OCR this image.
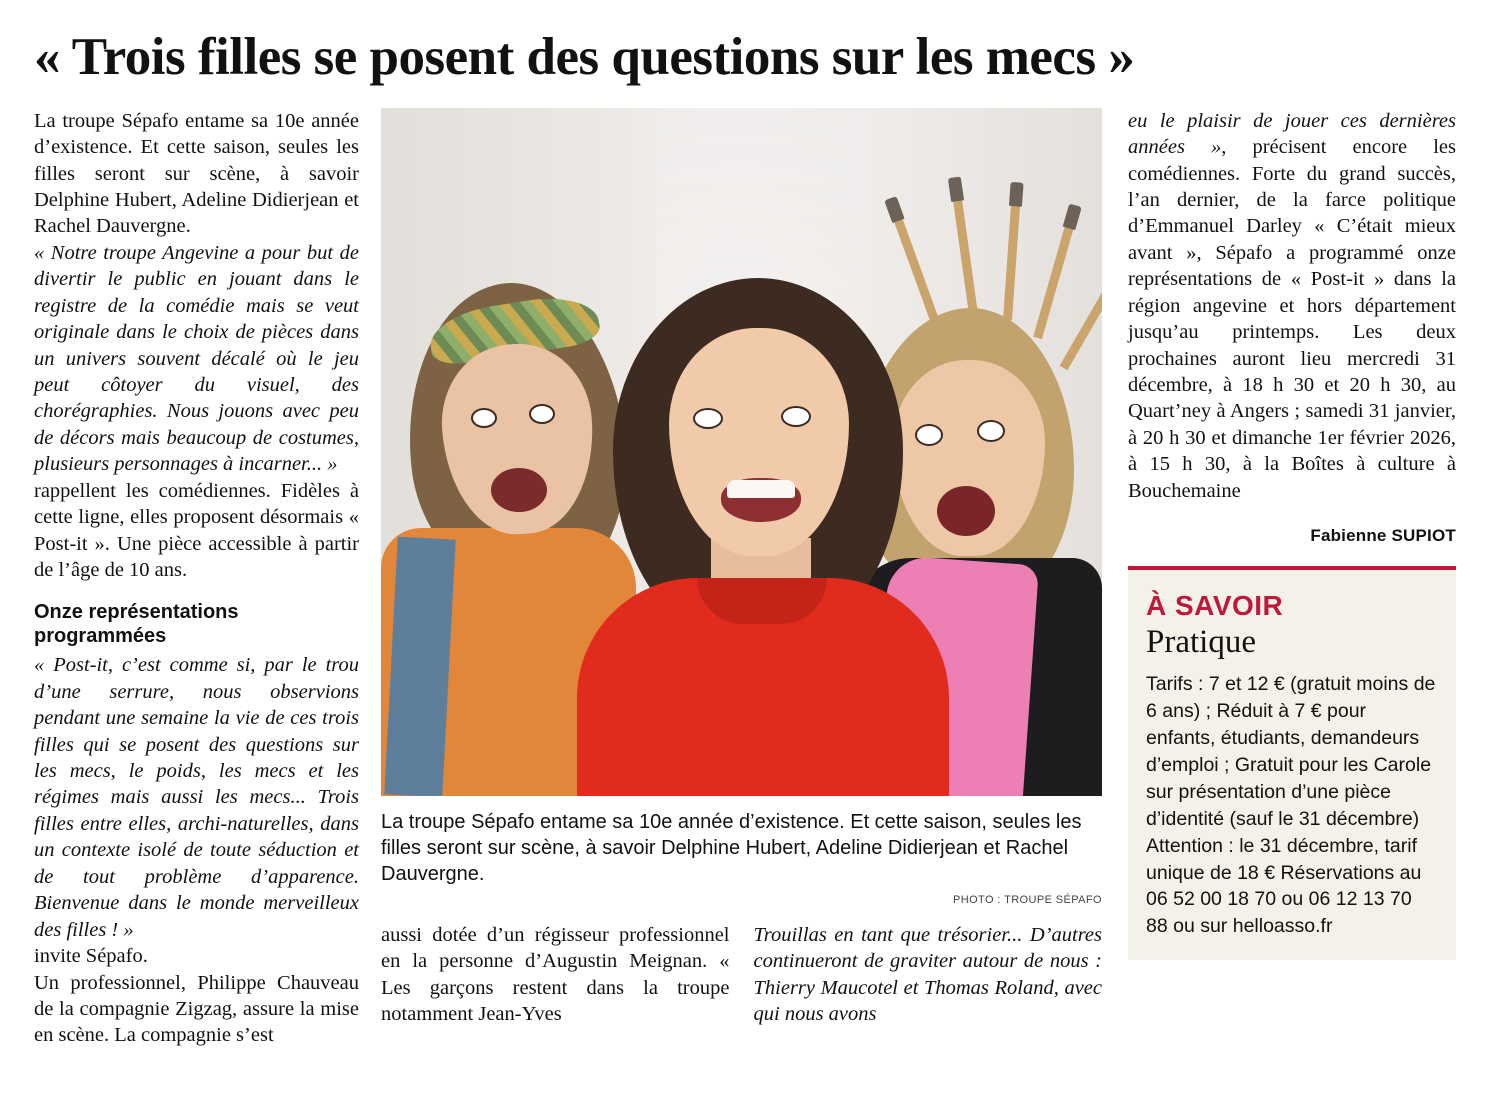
« Trois filles se posent des questions sur les mecs »

La troupe Sépafo entame sa 10e année d’existence. Et cette saison, seules les filles seront sur scène, à savoir Delphine Hubert, Adeline Didierjean et Rachel Dauvergne.

« Notre troupe Angevine a pour but de divertir le public en jouant dans le registre de la comédie mais se veut originale dans le choix de pièces dans un univers souvent décalé où le jeu peut côtoyer du visuel, des chorégraphies. Nous jouons avec peu de décors mais beaucoup de costumes, plusieurs personnages à incarner... »

rappellent les comédiennes. Fidèles à cette ligne, elles proposent désormais « Post-it ». Une pièce accessible à partir de l’âge de 10 ans.

Onze représentations programmées

« Post-it, c’est comme si, par le trou d’une serrure, nous observions pendant une semaine la vie de ces trois filles qui se posent des questions sur les mecs, le poids, les mecs et les régimes mais aussi les mecs... Trois filles entre elles, archi-naturelles, dans un contexte isolé de toute séduction et de tout problème d’apparence. Bienvenue dans le monde merveilleux des filles ! »

invite Sépafo.

Un professionnel, Philippe Chauveau de la compagnie Zigzag, assure la mise en scène. La compagnie s’est

La troupe Sépafo entame sa 10e année d’existence. Et cette saison, seules les filles seront sur scène, à savoir Delphine Hubert, Adeline Didierjean et Rachel Dauvergne.
PHOTO : TROUPE SÉPAFO

aussi dotée d’un régisseur professionnel en la personne d’Augustin Meignan. « Les garçons restent dans la troupe notamment Jean-Yves

Trouillas en tant que trésorier... D’autres continueront de graviter autour de nous : Thierry Maucotel et Thomas Roland, avec qui nous avons

eu le plaisir de jouer ces dernières années », précisent encore les comédiennes. Forte du grand succès, l’an dernier, de la farce politique d’Emmanuel Darley « C’était mieux avant », Sépafo a programmé onze représentations de « Post-it » dans la région angevine et hors département jusqu’au printemps. Les deux prochaines auront lieu mercredi 31 décembre, à 18 h 30 et 20 h 30, au Quart’ney à Angers ; samedi 31 janvier, à 20 h 30 et dimanche 1er février 2026, à 15 h 30, à la Boîtes à culture à Bouchemaine

Fabienne SUPIOT
À SAVOIR
Pratique
Tarifs : 7 et 12 € (gratuit moins de 6 ans) ; Réduit à 7 € pour enfants, étudiants, demandeurs d’emploi ; Gratuit pour les Carole sur présentation d’une pièce d’identité (sauf le 31 décembre) Attention : le 31 décembre, tarif unique de 18 € Réservations au 06 52 00 18 70 ou 06 12 13 70 88 ou sur helloasso.fr
